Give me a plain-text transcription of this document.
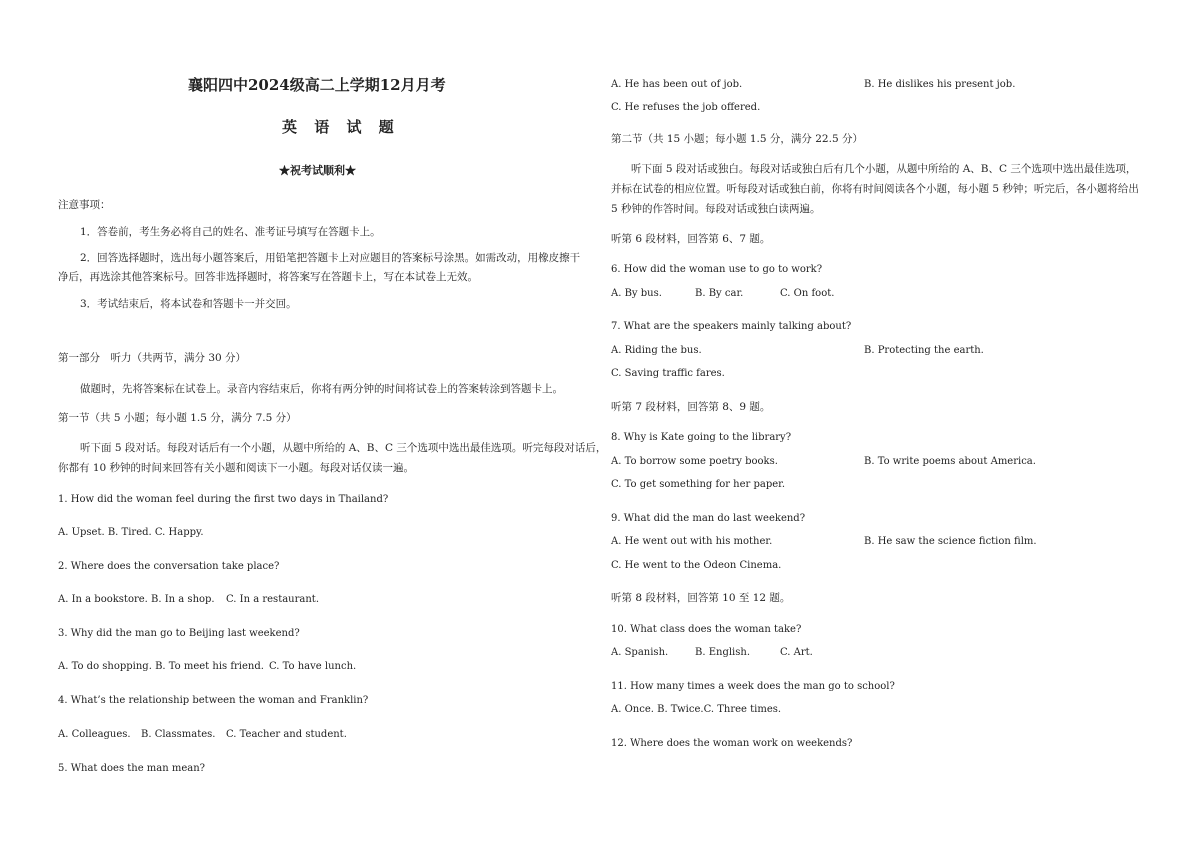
襄阳四中2024级高二上学期12月月考
英 语 试 题
★祝考试顺利★
注意事项：
1．答卷前，考生务必将自己的姓名、准考证号填写在答题卡上。
2．回答选择题时，选出每小题答案后，用铅笔把答题卡上对应题目的答案标号涂黑。如需改动，用橡皮擦干
净后，再选涂其他答案标号。回答非选择题时，将答案写在答题卡上，写在本试卷上无效。
3．考试结束后，将本试卷和答题卡一并交回。
第一部分　听力（共两节，满分 30 分）
做题时，先将答案标在试卷上。录音内容结束后，你将有两分钟的时间将试卷上的答案转涂到答题卡上。
第一节（共 5 小题；每小题 1.5 分，满分 7.5 分）
听下面 5 段对话。每段对话后有一个小题，从题中所给的 A、B、C 三个选项中选出最佳选项。听完每段对话后，
你都有 10 秒钟的时间来回答有关小题和阅读下一小题。每段对话仅读一遍。
1. How did the woman feel during the first two days in Thailand?
A. Upset. B. Tired. C. Happy.
2. Where does the conversation take place?
A. In a bookstore. B. In a shop. C. In a restaurant.
3. Why did the man go to Beijing last weekend?
A. To do shopping. B. To meet his friend. C. To have lunch.
4. What’s the relationship between the woman and Franklin?
A. Colleagues. B. Classmates. C. Teacher and student.
5. What does the man mean?
A. He has been out of job.	B. He dislikes his present job.
C. He refuses the job offered.
第二节（共 15 小题；每小题 1.5 分，满分 22.5 分）
听下面 5 段对话或独白。每段对话或独白后有几个小题，从题中所给的 A、B、C 三个选项中选出最佳选项，
并标在试卷的相应位置。听每段对话或独白前，你将有时间阅读各个小题，每小题 5 秒钟；听完后，各小题将给出
5 秒钟的作答时间。每段对话或独白读两遍。
听第 6 段材料，回答第 6、7 题。
6. How did the woman use to go to work?
A. By bus.	B. By car.	C. On foot.
7. What are the speakers mainly talking about?
A. Riding the bus.	B. Protecting the earth.
C. Saving traffic fares.
听第 7 段材料，回答第 8、9 题。
8. Why is Kate going to the library?
A. To borrow some poetry books.	B. To write poems about America.
C. To get something for her paper.
9. What did the man do last weekend?
A. He went out with his mother.	B. He saw the science fiction film.
C. He went to the Odeon Cinema.
听第 8 段材料，回答第 10 至 12 题。
10. What class does the woman take?
A. Spanish.	B. English.	C. Art.
11. How many times a week does the man go to school?
A. Once. B. Twice.C. Three times.
12. Where does the woman work on weekends?
